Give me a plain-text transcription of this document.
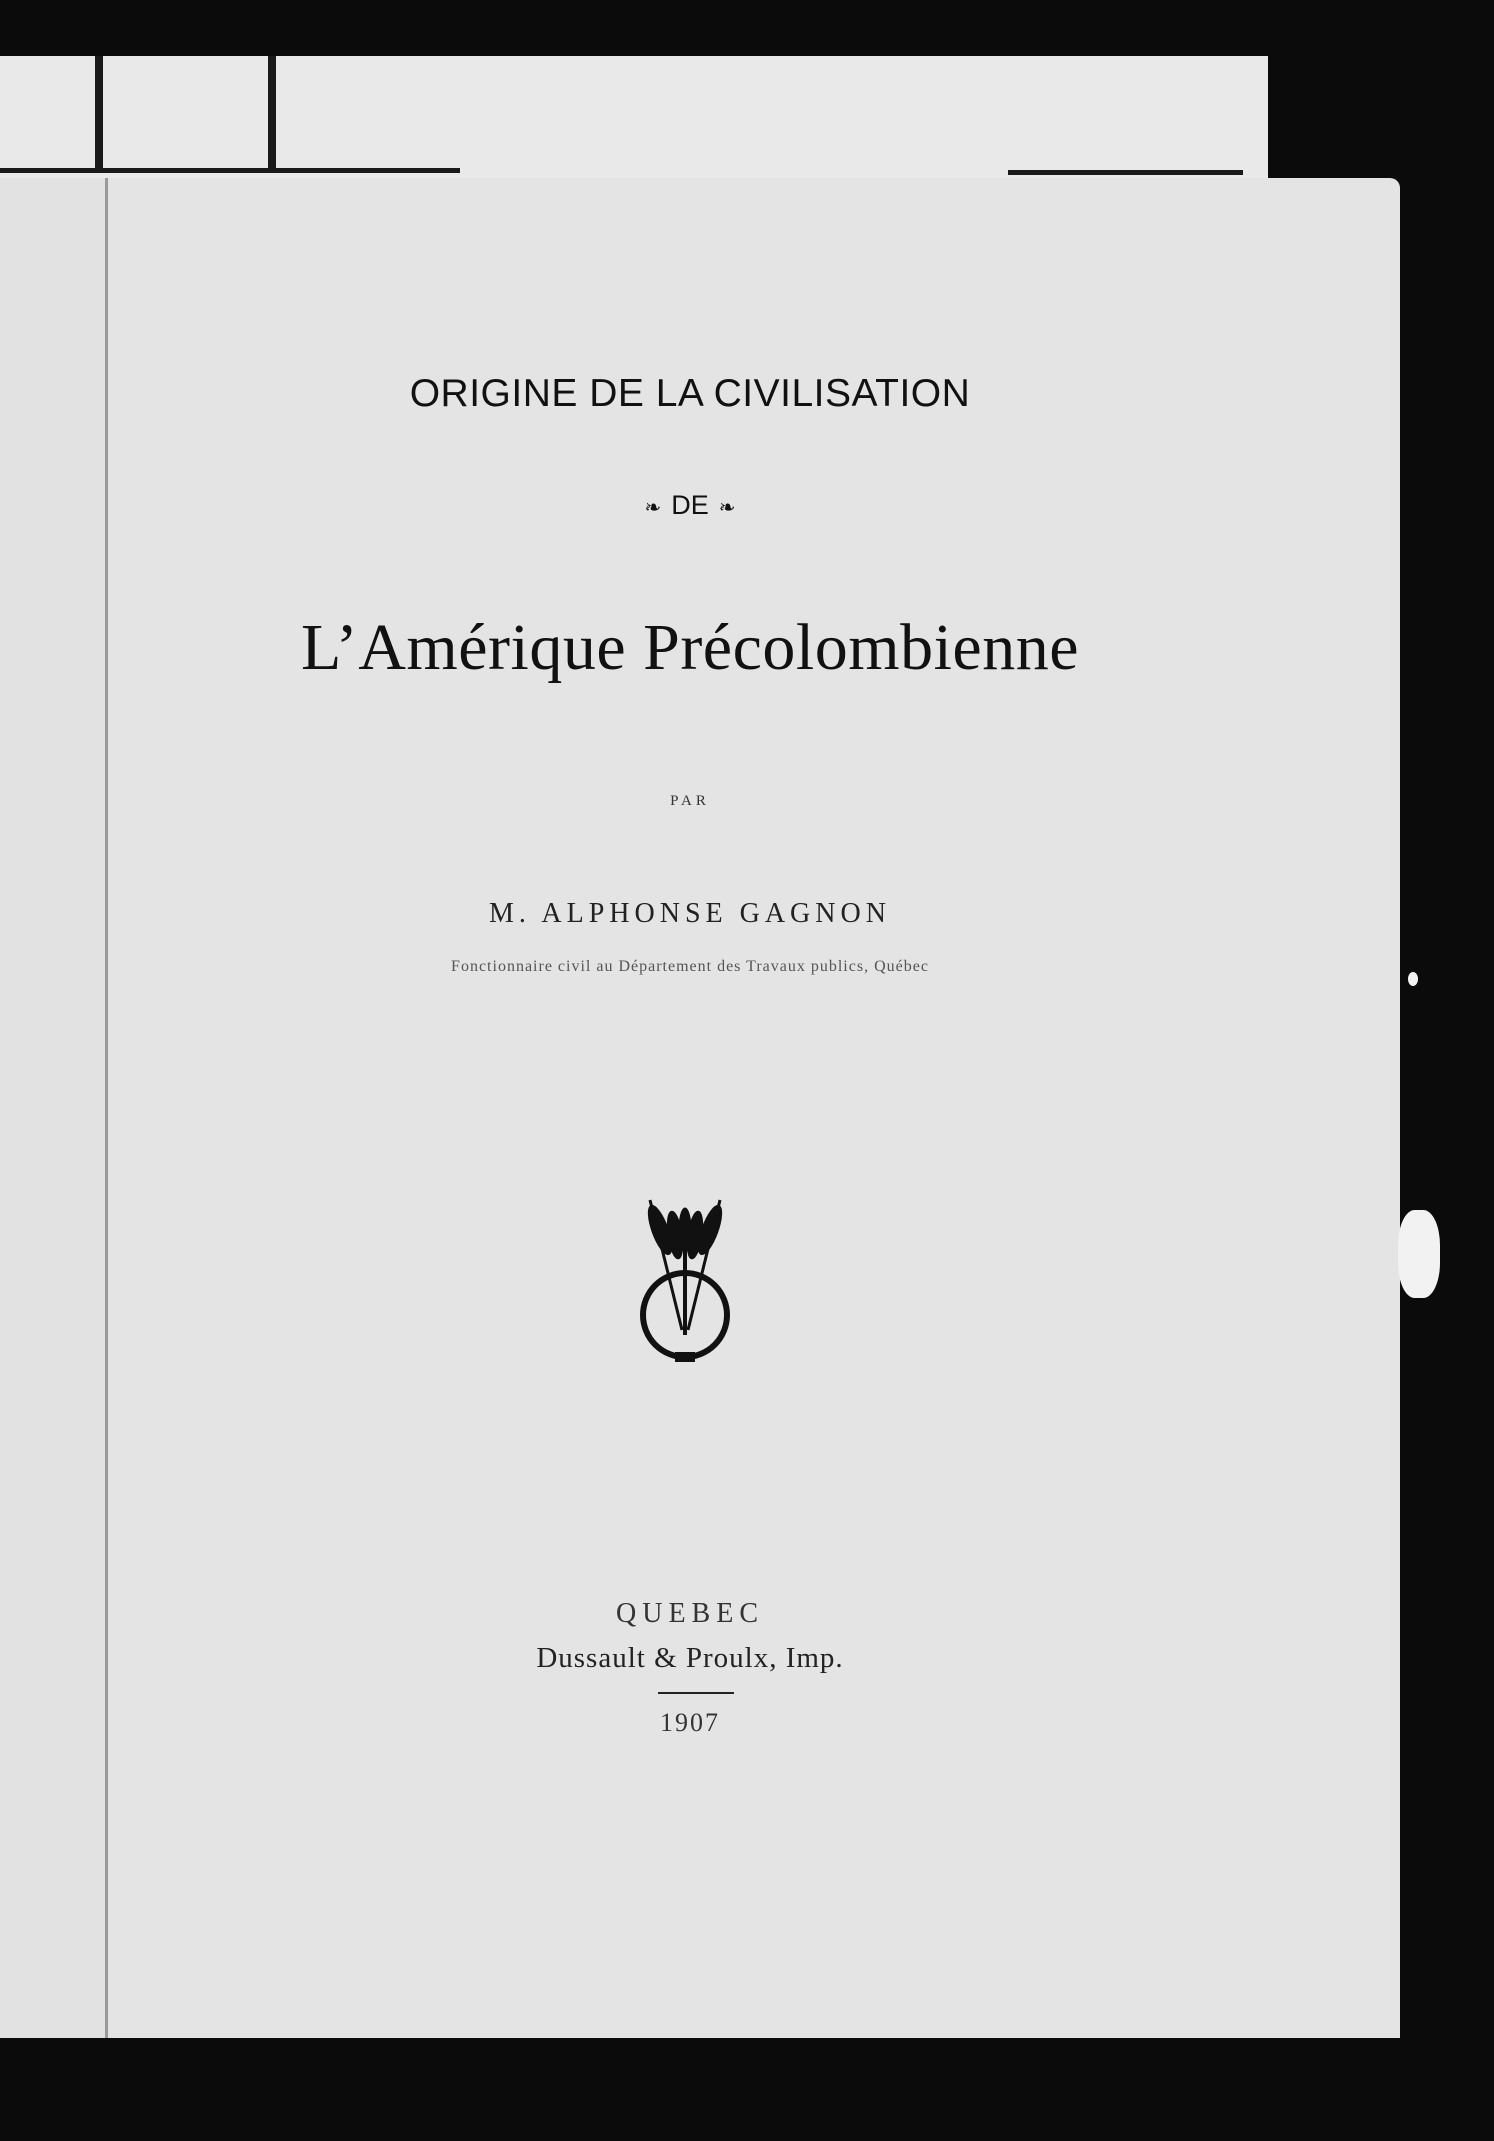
ORIGINE DE LA CIVILISATION
❧ DE ❧
L’Amérique Précolombienne
PAR
M. ALPHONSE GAGNON
Fonctionnaire civil au Département des Travaux publics, Québec
QUEBEC
Dussault & Proulx, Imp.
1907
